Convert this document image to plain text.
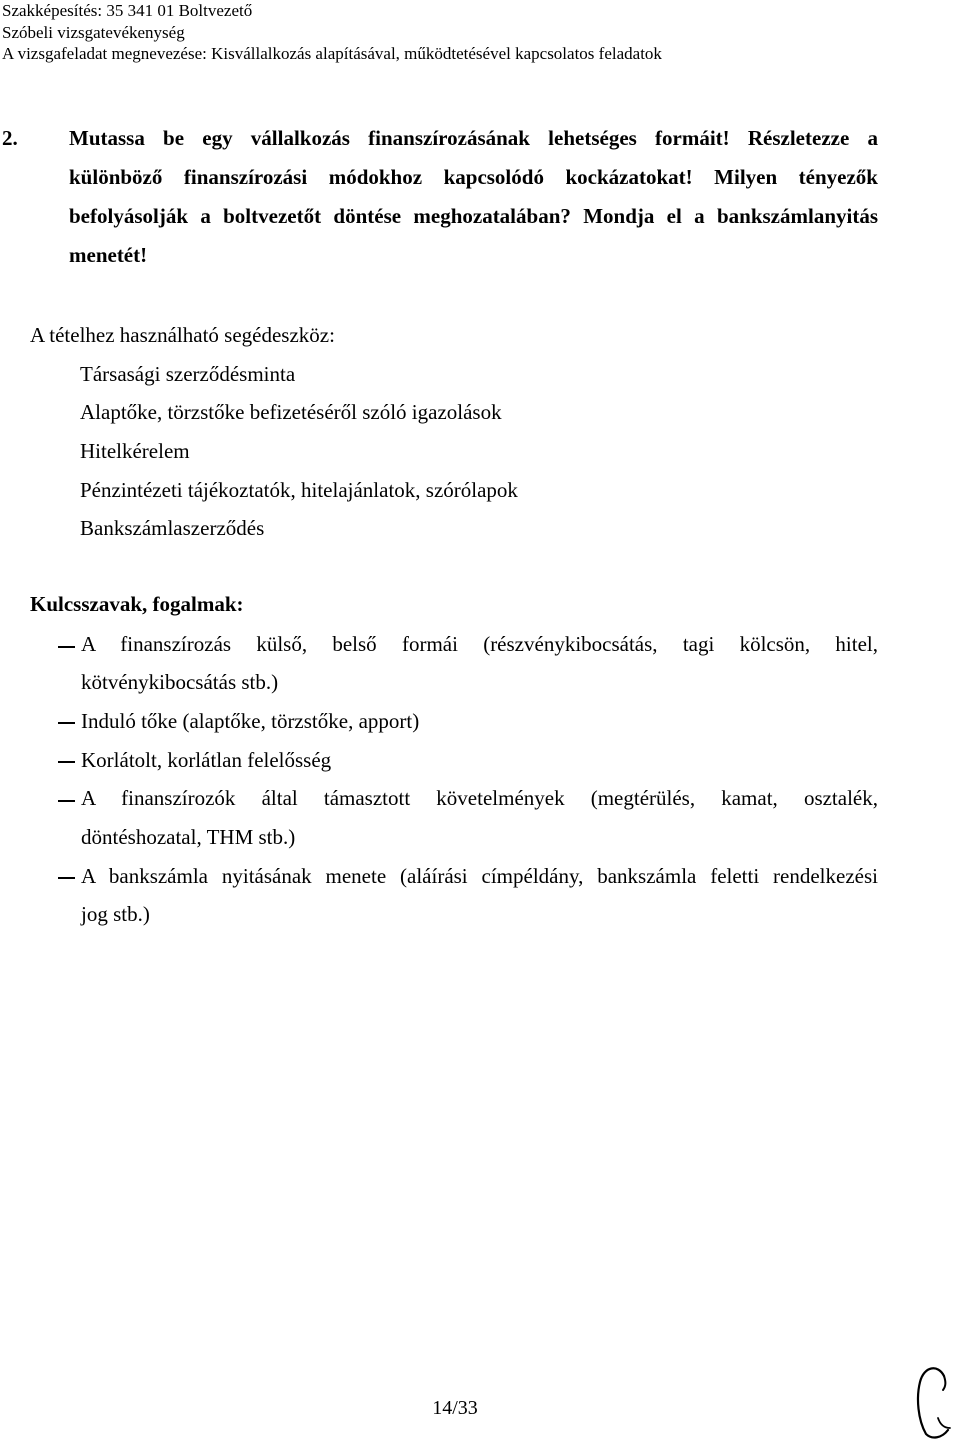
Szakképesítés: 35 341 01 Boltvezető
Szóbeli vizsgatevékenység
A vizsgafeladat megnevezése: Kisvállalkozás alapításával, működtetésével kapcsolatos feladatok
2. Mutassa be egy vállalkozás finanszírozásának lehetséges formáit! Részletezze a
különböző finanszírozási módokhoz kapcsolódó kockázatokat! Milyen tényezők
befolyásolják a boltvezetőt döntése meghozatalában? Mondja el a bankszámlanyitás
menetét!
A tételhez használható segédeszköz:
Társasági szerződésminta
Alaptőke, törzstőke befizetéséről szóló igazolások
Hitelkérelem
Pénzintézeti tájékoztatók, hitelajánlatok, szórólapok
Bankszámlaszerződés
Kulcsszavak, fogalmak:
A finanszírozás külső, belső formái (részvénykibocsátás, tagi kölcsön, hitel,
kötvénykibocsátás stb.)
Induló tőke (alaptőke, törzstőke, apport)
Korlátolt, korlátlan felelősség
A finanszírozók által támasztott követelmények (megtérülés, kamat, osztalék,
döntéshozatal, THM stb.)
A bankszámla nyitásának menete (aláírási címpéldány, bankszámla feletti rendelkezési
jog stb.)
14/33
